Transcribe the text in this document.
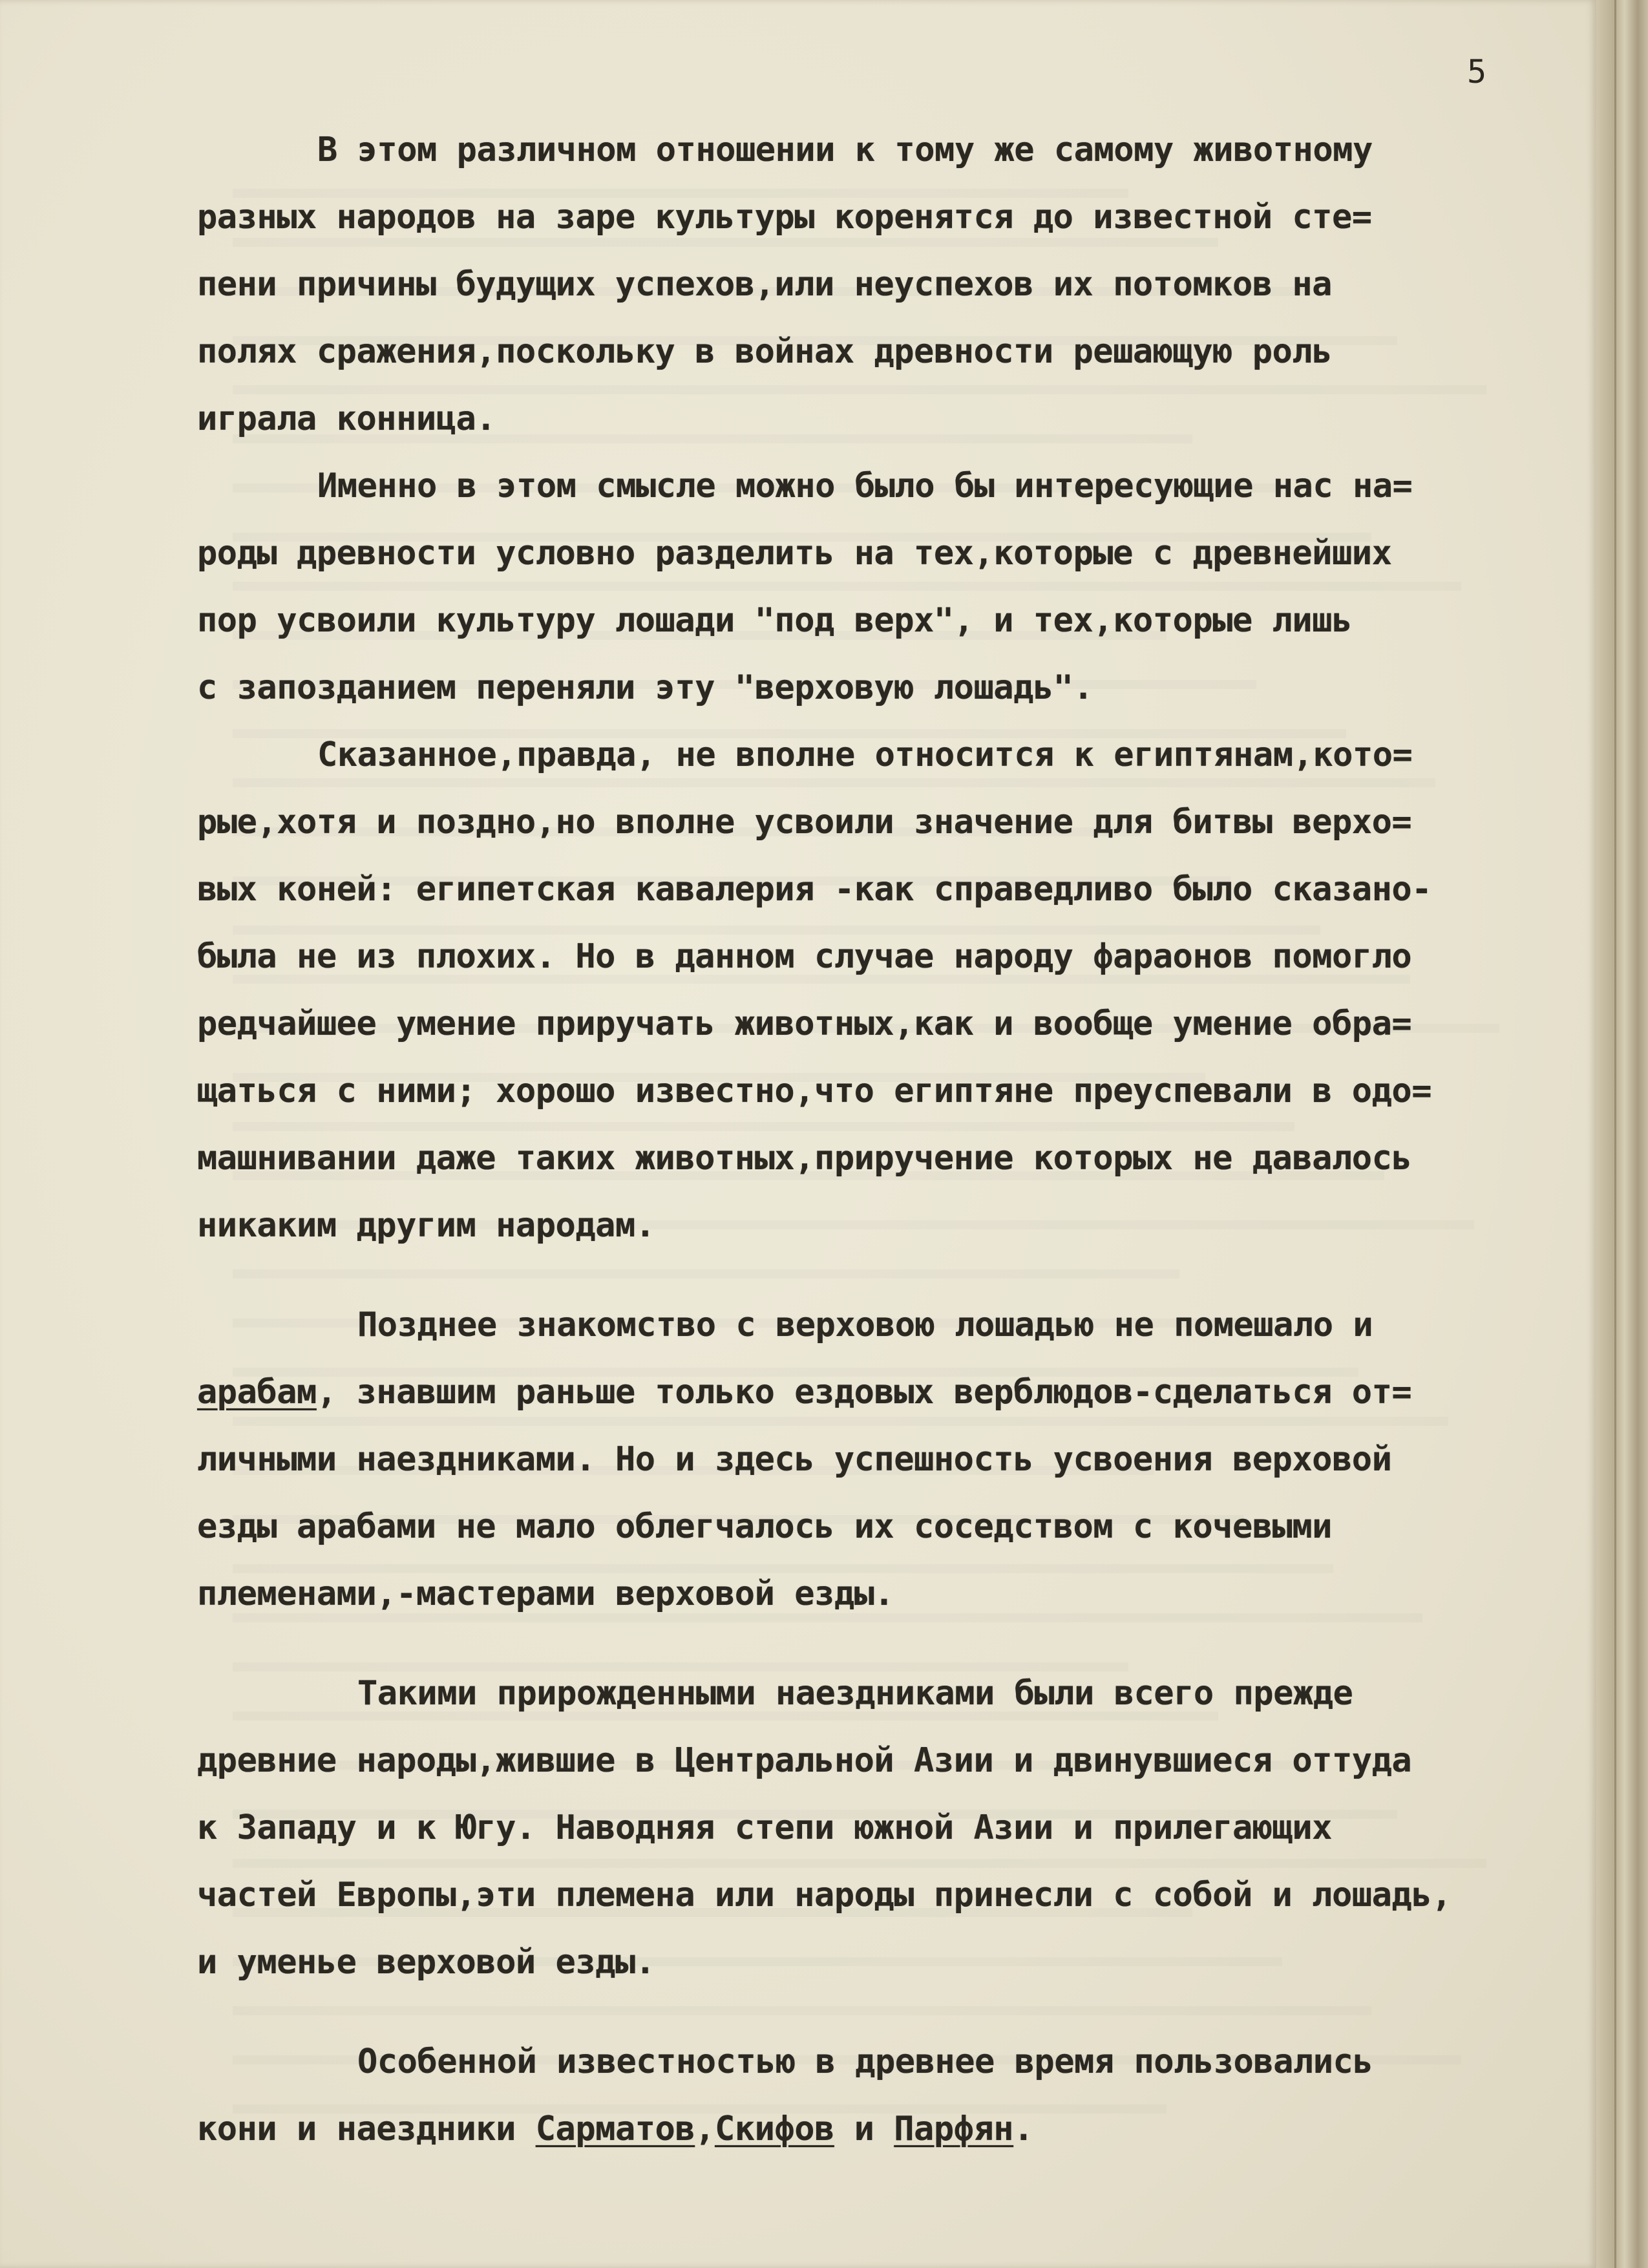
5
В этом различном отношении к тому же самому животному
разных народов на заре культуры коренятся до известной сте=
пени причины будущих успехов,или неуспехов их потомков на
полях сражения,поскольку в войнах древности решающую роль
играла конница.
Именно в этом смысле можно было бы интересующие нас на=
роды древности условно разделить на тех,которые с древнейших
пор усвоили культуру лошади "под верх", и тех,которые лишь
с запозданием переняли эту "верховую лошадь".
Сказанное,правда, не вполне относится к египтянам,кото=
рые,хотя и поздно,но вполне усвоили значение для битвы верхо=
вых коней: египетская кавалерия -как справедливо было сказано-
была не из плохих. Но в данном случае народу фараонов помогло
редчайшее умение приручать животных,как и вообще умение обра=
щаться с ними; хорошо известно,что египтяне преуспевали в одо=
машнивании даже таких животных,приручение которых не давалось
никаким другим народам.
Позднее знакомство с верховою лошадью не помешало и
арабам, знавшим раньше только ездовых верблюдов-сделаться от=
личными наездниками. Но и здесь успешность усвоения верховой
езды арабами не мало облегчалось их соседством с кочевыми
племенами,-мастерами верховой езды.
Такими прирожденными наездниками были всего прежде
древние народы,жившие в Центральной Азии и двинувшиеся оттуда
к Западу и к Югу. Наводняя степи южной Азии и прилегающих
частей Европы,эти племена или народы принесли с собой и лошадь,
и уменье верховой езды.
Особенной известностью в древнее время пользовались
кони и наездники Сарматов,Скифов и Парфян.
